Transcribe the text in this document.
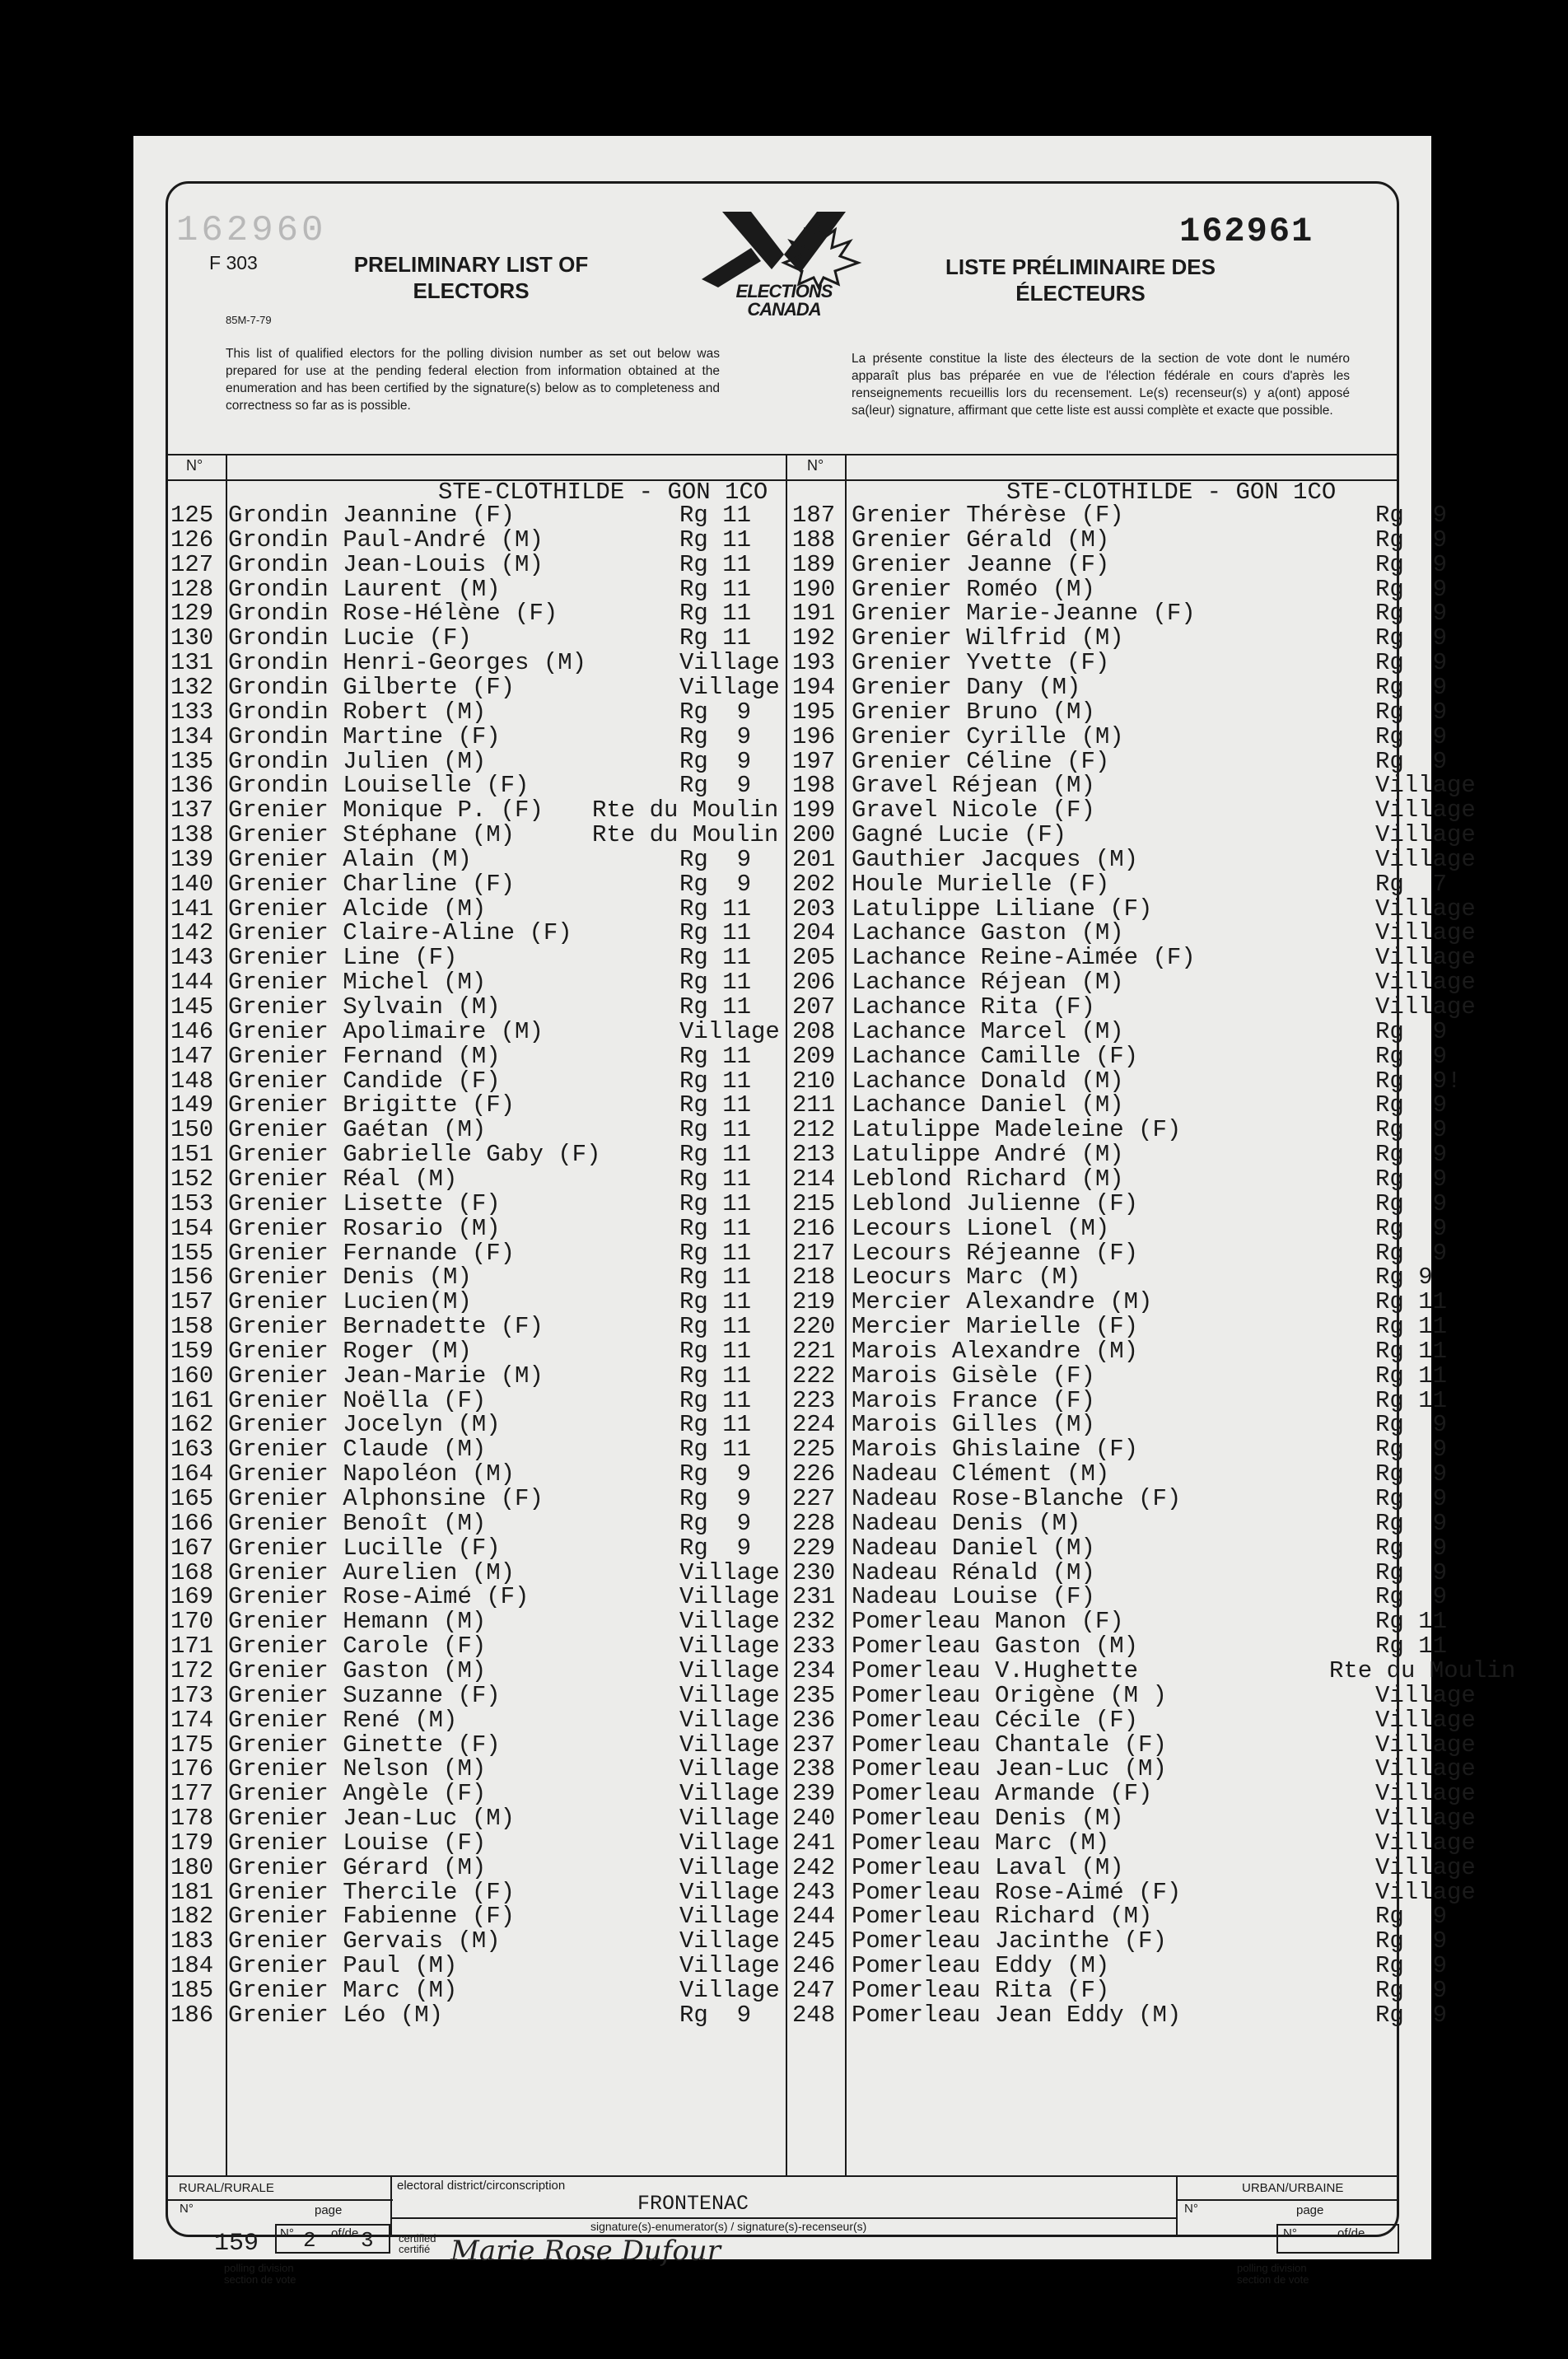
162960
F 303
85M-7-79
PRELIMINARY LIST OF ELECTORS	ELECTIONS
CANADA
162961
LISTE PRÉLIMINAIRE DES ÉLECTEURS
This list of qualified electors for the polling division number as set out below was prepared for use at the pending federal election from information obtained at the enumeration and has been certified by the signature(s) below as to completeness and correctness so far as is possible.
La présente constitue la liste des électeurs de la section de vote dont le numéro apparaît plus bas préparée en vue de l'élection fédérale en cours d'après les renseignements recueillis lors du recensement. Le(s) recenseur(s) y a(ont) apposé sa(leur) signature, affirmant que cette liste est aussi complète et exacte que possible.
N°	N°
STE-CLOTHILDE - GON 1CO	STE-CLOTHILDE - GON 1CO
125 Grondin Jeannine (F)	Rg 11
126 Grondin Paul-André (M)	Rg 11
127 Grondin Jean-Louis (M)	Rg 11
128 Grondin Laurent (M)	Rg 11
129 Grondin Rose-Hélène (F)	Rg 11
130 Grondin Lucie (F)	Rg 11
131 Grondin Henri-Georges (M)	Village
132 Grondin Gilberte (F)	Village
133 Grondin Robert (M)	Rg  9
134 Grondin Martine (F)	Rg  9
135 Grondin Julien (M)	Rg  9
136 Grondin Louiselle (F)	Rg  9
137 Grenier Monique P. (F) Rte du Moulin
138 Grenier Stéphane (M)	Rte du Moulin
139 Grenier Alain (M)	Rg  9
140 Grenier Charline (F)	Rg  9
141 Grenier Alcide (M)	Rg 11
142 Grenier Claire-Aline (F)	Rg 11
143 Grenier Line (F)	Rg 11
144 Grenier Michel (M)	Rg 11
145 Grenier Sylvain (M)	Rg 11
146 Grenier Apolimaire (M)	Village
147 Grenier Fernand (M)	Rg 11
148 Grenier Candide (F)	Rg 11
149 Grenier Brigitte (F)	Rg 11
150 Grenier Gaétan (M)	Rg 11
151 Grenier Gabrielle Gaby (F)	Rg 11
152 Grenier Réal (M)	Rg 11
153 Grenier Lisette (F)	Rg 11
154 Grenier Rosario (M)	Rg 11
155 Grenier Fernande (F)	Rg 11
156 Grenier Denis (M)	Rg 11
157 Grenier Lucien(M)	Rg 11
158 Grenier Bernadette (F)	Rg 11
159 Grenier Roger (M)	Rg 11
160 Grenier Jean-Marie (M)	Rg 11
161 Grenier Noëlla (F)	Rg 11
162 Grenier Jocelyn (M)	Rg 11
163 Grenier Claude (M)	Rg 11
164 Grenier Napoléon (M)	Rg  9
165 Grenier Alphonsine (F)	Rg  9
166 Grenier Benoît (M)	Rg  9
167 Grenier Lucille (F)	Rg  9
168 Grenier Aurelien (M)	Village
169 Grenier Rose-Aimé (F)	Village
170 Grenier Hemann (M)	Village
171 Grenier Carole (F)	Village
172 Grenier Gaston (M)	Village
173 Grenier Suzanne (F)	Village
174 Grenier René (M)	Village
175 Grenier Ginette (F)	Village
176 Grenier Nelson (M)	Village
177 Grenier Angèle (F)	Village
178 Grenier Jean-Luc (M)	Village
179 Grenier Louise (F)	Village
180 Grenier Gérard (M)	Village
181 Grenier Thercile (F)	Village
182 Grenier Fabienne (F)	Village
183 Grenier Gervais (M)	Village
184 Grenier Paul (M)	Village
185 Grenier Marc (M)	Village
186 Grenier Léo (M)	Rg  9
187 Grenier Thérèse (F)	Rg  9
188 Grenier Gérald (M)	Rg  9
189 Grenier Jeanne (F)	Rg  9
190 Grenier Roméo (M)	Rg  9
191 Grenier Marie-Jeanne (F)	Rg  9
192 Grenier Wilfrid (M)	Rg  9
193 Grenier Yvette (F)	Rg  9
194 Grenier Dany (M)	Rg  9
195 Grenier Bruno (M)	Rg  9
196 Grenier Cyrille (M)	Rg  9
197 Grenier Céline (F)	Rg  9
198 Gravel Réjean (M)	Village
199 Gravel Nicole (F)	Village
200 Gagné Lucie (F)	Village
201 Gauthier Jacques (M)	Village
202 Houle Murielle (F)	Rg  7
203 Latulippe Liliane (F)	Village
204 Lachance Gaston (M)	Village
205 Lachance Reine-Aimée (F)	Village
206 Lachance Réjean (M)	Village
207 Lachance Rita (F)	Village
208 Lachance Marcel (M)	Rg  9
209 Lachance Camille (F)	Rg  9
210 Lachance Donald (M)	Rg  9!
211 Lachance Daniel (M)	Rg  9
212 Latulippe Madeleine (F)	Rg  9
213 Latulippe André (M)	Rg  9
214 Leblond Richard (M)	Rg  9
215 Leblond Julienne (F)	Rg  9
216 Lecours Lionel (M)	Rg  9
217 Lecours Réjeanne (F)	Rg  9
218 Leocurs Marc (M)	Rg 9
219 Mercier Alexandre (M)	Rg 11
220 Mercier Marielle (F)	Rg 11
221 Marois Alexandre (M)	Rg 11
222 Marois Gisèle (F)	Rg 11
223 Marois France (F)	Rg 11
224 Marois Gilles (M)	Rg  9
225 Marois Ghislaine (F)	Rg  9
226 Nadeau Clément (M)	Rg  9
227 Nadeau Rose-Blanche (F)	Rg  9
228 Nadeau Denis (M)	Rg  9
229 Nadeau Daniel (M)	Rg  9
230 Nadeau Rénald (M)	Rg  9
231 Nadeau Louise (F)	Rg  9
232 Pomerleau Manon (F)	Rg 11
233 Pomerleau Gaston (M)	Rg 11
234 Pomerleau V.Hughette	Rte du Moulin
235 Pomerleau Origène (M )	Village
236 Pomerleau Cécile (F)	Village
237 Pomerleau Chantale (F)	Village
238 Pomerleau Jean-Luc (M)	Village
239 Pomerleau Armande (F)	Village
240 Pomerleau Denis (M)	Village
241 Pomerleau Marc (M)	Village
242 Pomerleau Laval (M)	Village
243 Pomerleau Rose-Aimé (F)	Village
244 Pomerleau Richard (M)	Rg  9
245 Pomerleau Jacinthe (F)	Rg  9
246 Pomerleau Eddy (M)	Rg  9
247 Pomerleau Rita (F)	Rg  9
248 Pomerleau Jean Eddy (M)	Rg  9
RURAL/RURALE	electoral district/circonscription
FRONTENAC
URBAN/URBAINE
N°	page
159 N° 2 of/de 3
polling division
section de vote
certified
certifié
signature(s)-enumerator(s) / signature(s)-recenseur(s)
Marie Rose Dufour
N°	page
N°	of/de
polling division
section de vote
